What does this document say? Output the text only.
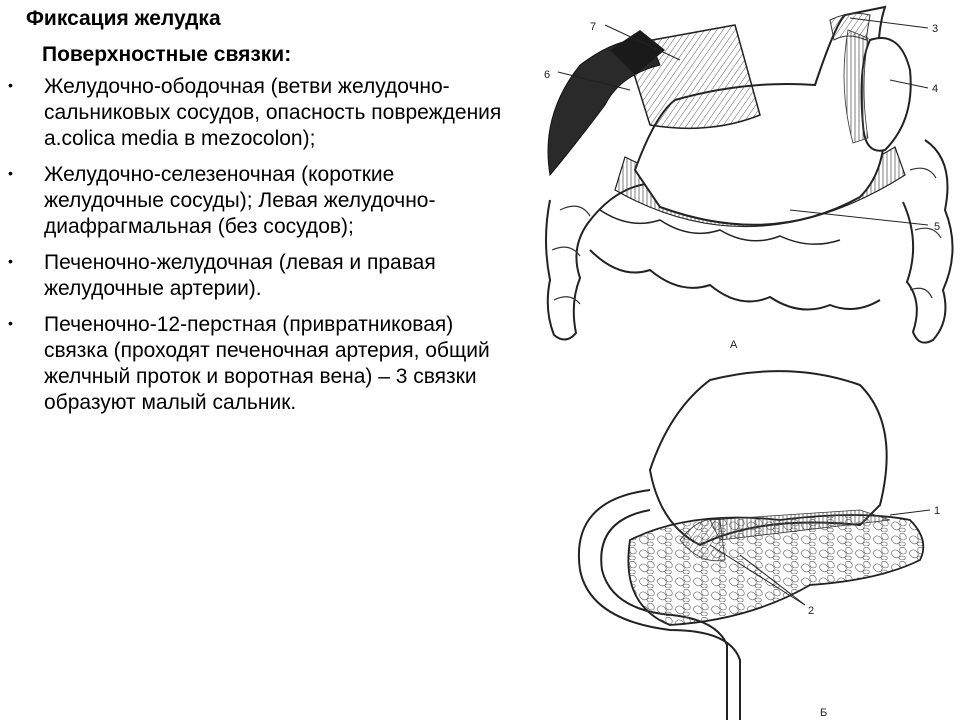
Фиксация желудка
Поверхностные связки:
• Желудочно-ободочная (ветви желудочно-сальниковых сосудов, опасность повреждения a.colica media в mezocolon);
• Желудочно-селезеночная (короткие желудочные сосуды); Левая желудочно-диафрагмальная (без сосудов);
• Печеночно-желудочная (левая и правая желудочные артерии).
• Печеночно-12-перстная (привратниковая) связка (проходят печеночная артерия, общий желчный проток и воротная вена) – 3 связки образуют малый сальник.
7
6
3
4
5
А
1
2
Б
